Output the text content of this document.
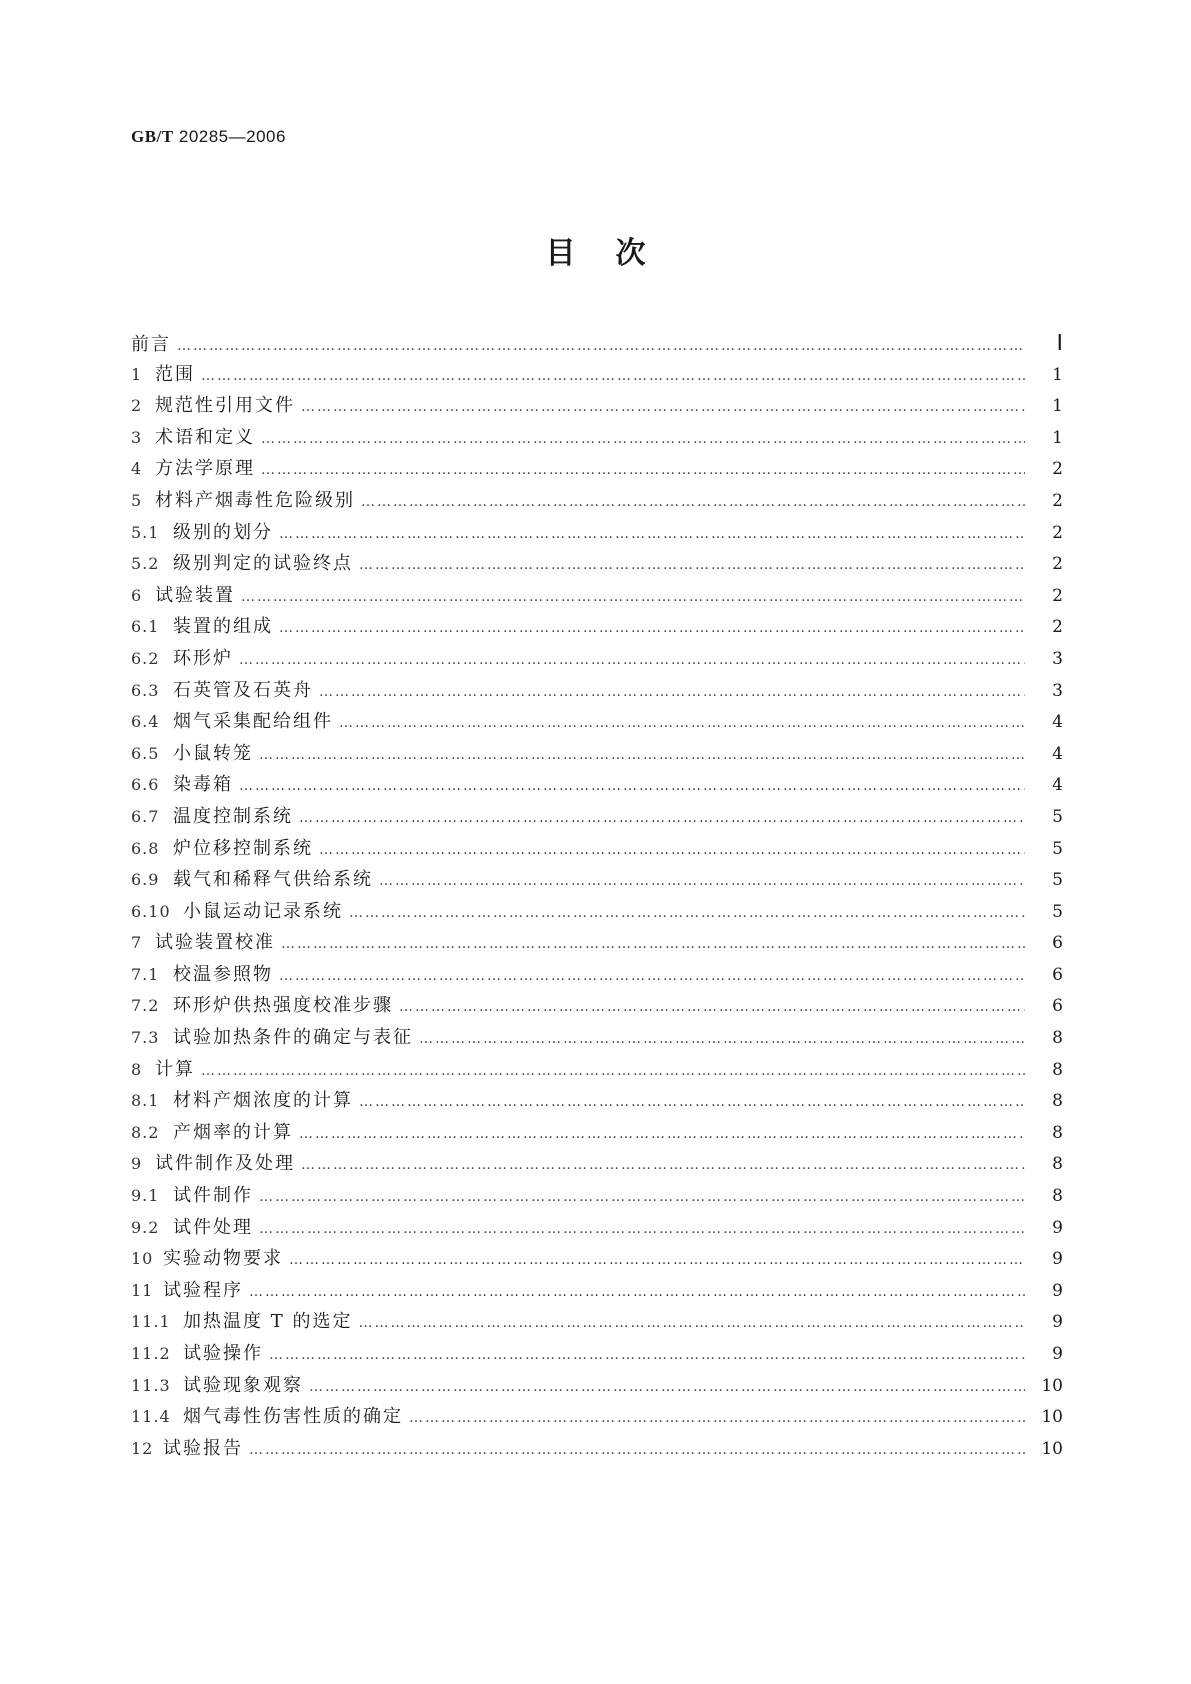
GB/T 20285—2006
目次
前言 …………………………………………………………………………………………………………………………………………………………………………………………………………………………………………	Ⅰ
1 范围 …………………………………………………………………………………………………………………………………………………………………………………………………………………………………………	1
2 规范性引用文件 …………………………………………………………………………………………………………………………………………………………………………………………………………………………………………	1
3 术语和定义 …………………………………………………………………………………………………………………………………………………………………………………………………………………………………………	1
4 方法学原理 …………………………………………………………………………………………………………………………………………………………………………………………………………………………………………	2
5 材料产烟毒性危险级别 …………………………………………………………………………………………………………………………………………………………………………………………………………………………………………	2
5.1 级别的划分 …………………………………………………………………………………………………………………………………………………………………………………………………………………………………………	2
5.2 级别判定的试验终点 …………………………………………………………………………………………………………………………………………………………………………………………………………………………………………	2
6 试验装置 …………………………………………………………………………………………………………………………………………………………………………………………………………………………………………	2
6.1 装置的组成 …………………………………………………………………………………………………………………………………………………………………………………………………………………………………………	2
6.2 环形炉 …………………………………………………………………………………………………………………………………………………………………………………………………………………………………………	3
6.3 石英管及石英舟 …………………………………………………………………………………………………………………………………………………………………………………………………………………………………………	3
6.4 烟气采集配给组件 …………………………………………………………………………………………………………………………………………………………………………………………………………………………………………	4
6.5 小鼠转笼 …………………………………………………………………………………………………………………………………………………………………………………………………………………………………………	4
6.6 染毒箱 …………………………………………………………………………………………………………………………………………………………………………………………………………………………………………	4
6.7 温度控制系统 …………………………………………………………………………………………………………………………………………………………………………………………………………………………………………	5
6.8 炉位移控制系统 …………………………………………………………………………………………………………………………………………………………………………………………………………………………………………	5
6.9 载气和稀释气供给系统 …………………………………………………………………………………………………………………………………………………………………………………………………………………………………………	5
6.10 小鼠运动记录系统 …………………………………………………………………………………………………………………………………………………………………………………………………………………………………………	5
7 试验装置校准 …………………………………………………………………………………………………………………………………………………………………………………………………………………………………………	6
7.1 校温参照物 …………………………………………………………………………………………………………………………………………………………………………………………………………………………………………	6
7.2 环形炉供热强度校准步骤 …………………………………………………………………………………………………………………………………………………………………………………………………………………………………………	6
7.3 试验加热条件的确定与表征 …………………………………………………………………………………………………………………………………………………………………………………………………………………………………………	8
8 计算 …………………………………………………………………………………………………………………………………………………………………………………………………………………………………………	8
8.1 材料产烟浓度的计算 …………………………………………………………………………………………………………………………………………………………………………………………………………………………………………	8
8.2 产烟率的计算 …………………………………………………………………………………………………………………………………………………………………………………………………………………………………………	8
9 试件制作及处理 …………………………………………………………………………………………………………………………………………………………………………………………………………………………………………	8
9.1 试件制作 …………………………………………………………………………………………………………………………………………………………………………………………………………………………………………	8
9.2 试件处理 …………………………………………………………………………………………………………………………………………………………………………………………………………………………………………	9
10 实验动物要求 …………………………………………………………………………………………………………………………………………………………………………………………………………………………………………	9
11 试验程序 …………………………………………………………………………………………………………………………………………………………………………………………………………………………………………	9
11.1 加热温度 T 的选定 …………………………………………………………………………………………………………………………………………………………………………………………………………………………………………	9
11.2 试验操作 …………………………………………………………………………………………………………………………………………………………………………………………………………………………………………	9
11.3 试验现象观察 …………………………………………………………………………………………………………………………………………………………………………………………………………………………………………	10
11.4 烟气毒性伤害性质的确定 …………………………………………………………………………………………………………………………………………………………………………………………………………………………………………	10
12 试验报告 …………………………………………………………………………………………………………………………………………………………………………………………………………………………………………	10
